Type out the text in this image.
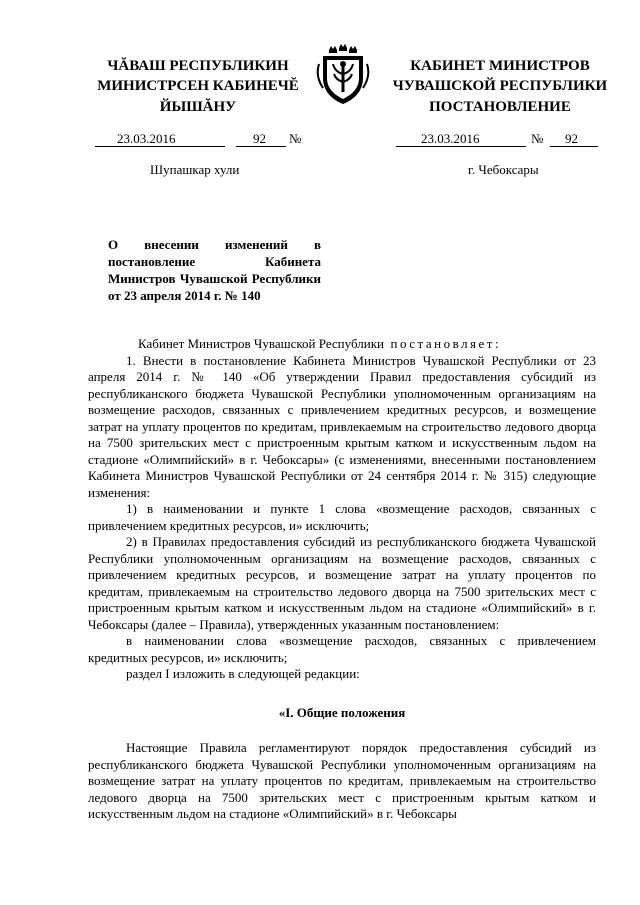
ЧĂВАШ РЕСПУБЛИКИН
МИНИСТРСЕН КАБИНЕЧĔ
ЙЫШĂНУ
КАБИНЕТ МИНИСТРОВ
ЧУВАШСКОЙ РЕСПУБЛИКИ
ПОСТАНОВЛЕНИЕ
23.03.2016	92 №	23.03.2016	№ 92
Шупашкар хули	г. Чебоксары
О внесении изменений в постановление Кабинета Министров Чувашской Республики от 23 апреля 2014 г. № 140

Кабинет Министров Чувашской Республики постановляет:

1. Внести в постановление Кабинета Министров Чувашской Республики от 23 апреля 2014 г. № 140 «Об утверждении Правил предоставления субсидий из республиканского бюджета Чувашской Республики уполномоченным организациям на возмещение расходов, связанных с привлечением кредитных ресурсов, и возмещение затрат на уплату процентов по кредитам, привлекаемым на строительство ледового дворца на 7500 зрительских мест с пристроенным крытым катком и искусственным льдом на стадионе «Олимпийский» в г. Чебоксары» (с изменениями, внесенными постановлением Кабинета Министров Чувашской Республики от 24 сентября 2014 г. № 315) следующие изменения:

1) в наименовании и пункте 1 слова «возмещение расходов, связанных с привлечением кредитных ресурсов, и» исключить;

2) в Правилах предоставления субсидий из республиканского бюджета Чувашской Республики уполномоченным организациям на возмещение расходов, связанных с привлечением кредитных ресурсов, и возмещение затрат на уплату процентов по кредитам, привлекаемым на строительство ледового дворца на 7500 зрительских мест с пристроенным крытым катком и искусственным льдом на стадионе «Олимпийский» в г. Чебоксары (далее – Правила), утвержденных указанным постановлением:

в наименовании слова «возмещение расходов, связанных с привлечением кредитных ресурсов, и» исключить;

раздел I изложить в следующей редакции:

«I. Общие положения

Настоящие Правила регламентируют порядок предоставления субсидий из республиканского бюджета Чувашской Республики уполномоченным организациям на возмещение затрат на уплату процентов по кредитам, привлекаемым на строительство ледового дворца на 7500 зрительских мест с пристроенным крытым катком и искусственным льдом на стадионе «Олимпийский» в г. Чебоксары
